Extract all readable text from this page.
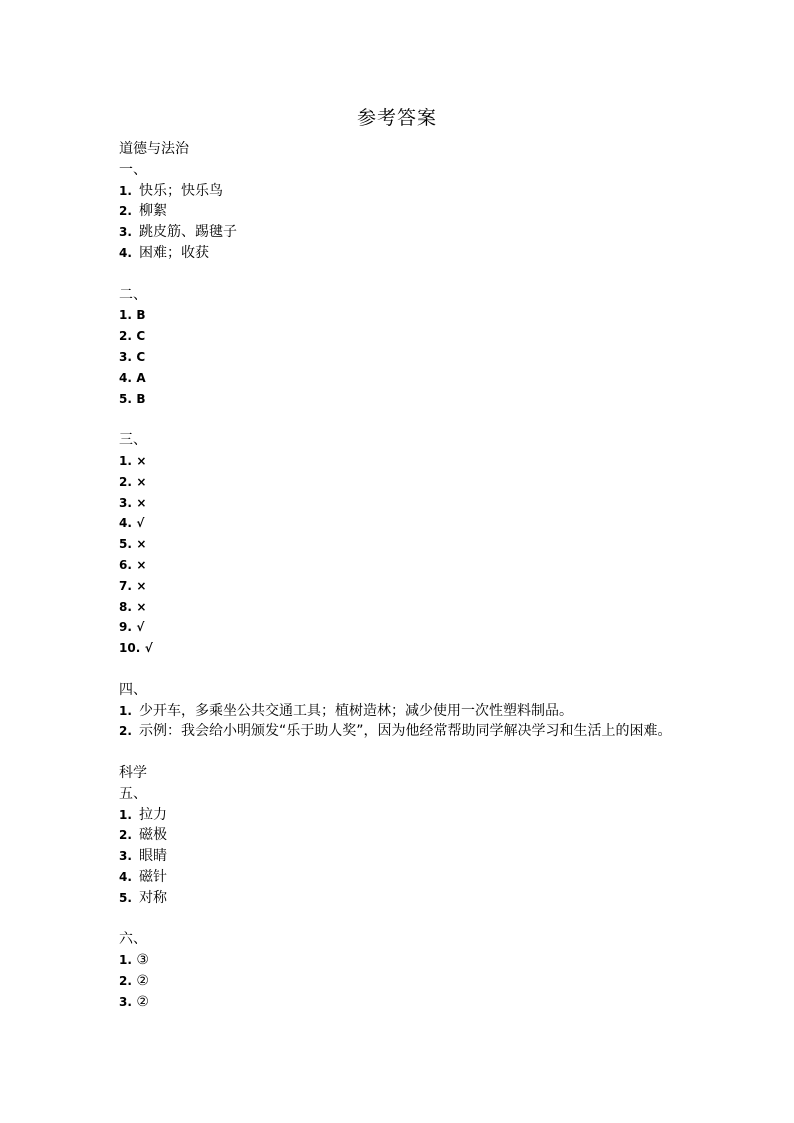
参考答案
道德与法治
一、
1. 快乐；快乐鸟
2. 柳絮
3. 跳皮筋、踢毽子
4. 困难；收获
二、
1. B
2. C
3. C
4. A
5. B
三、
1. ×
2. ×
3. ×
4. √
5. ×
6. ×
7. ×
8. ×
9. √
10. √
四、
1. 少开车，多乘坐公共交通工具；植树造林；减少使用一次性塑料制品。
2. 示例：我会给小明颁发“乐于助人奖”，因为他经常帮助同学解决学习和生活上的困难。
科学
五、
1. 拉力
2. 磁极
3. 眼睛
4. 磁针
5. 对称
六、
1. ③
2. ②
3. ②
